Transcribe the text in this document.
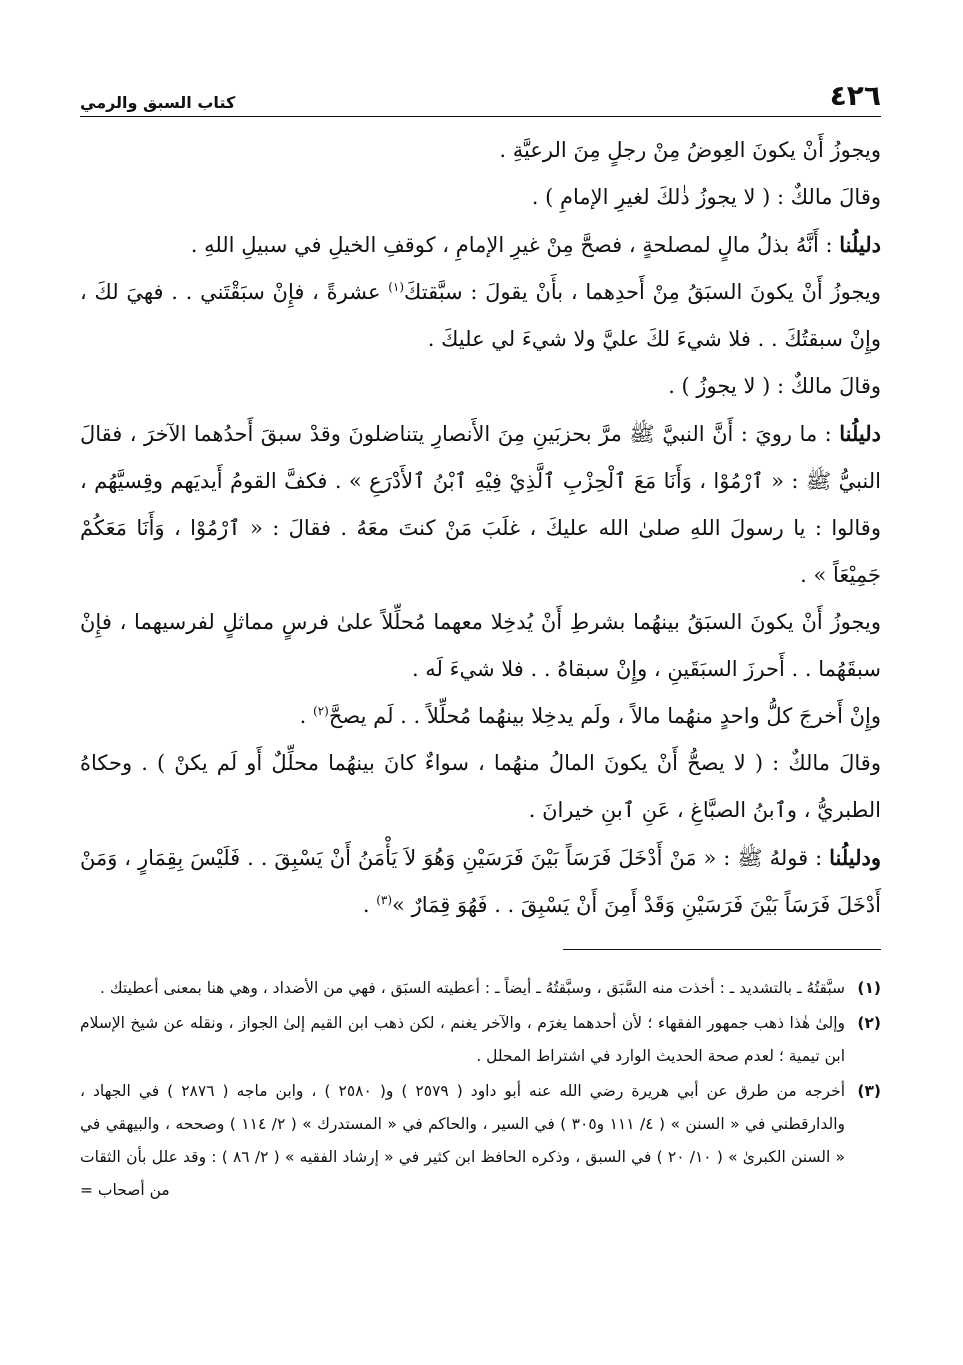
٤٢٦
كتاب السبق والرمي

ويجوزُ أَنْ يكونَ العِوضُ مِنْ رجلٍ مِنَ الرعيَّةِ .

وقالَ مالكٌ : ( لا يجوزُ ذٰلكَ لغيرِ الإمامِ ) .

دليلُنا : أَنَّهُ بذلُ مالٍ لمصلحةٍ ، فصحَّ مِنْ غيرِ الإمامِ ، كوقفِ الخيلِ في سبيلِ اللهِ .

ويجوزُ أَنْ يكونَ السبَقُ مِنْ أَحدِهما ، بأَنْ يقولَ : سبَّقتكَ$^{(١)}$ عشرةً ، فإِنْ سبَقْتَني . . فهيَ لكَ ، وإِنْ سبقتُكَ . . فلا شيءَ لكَ عليَّ ولا شيءَ لي عليكَ .

وقالَ مالكٌ : ( لا يجوزُ ) .

دليلُنا : ما رويَ : أَنَّ النبيَّ ﷺ مرَّ بحزبَينِ مِنَ الأَنصارِ يتناضلونَ وقدْ سبقَ أَحدُهما الآخرَ ، فقالَ النبيُّ ﷺ : « ٱرْمُوْا ، وَأَنَا مَعَ ٱلْحِزْبِ ٱلَّذِيْ فِيْهِ ٱبْنُ ٱلأَدْرَعِ » . فكفَّ القومُ أَيديَهم وقِسيَّهُم ، وقالوا : يا رسولَ اللهِ صلىٰ الله عليكَ ، غلَبَ مَنْ كنتَ معَهُ . فقالَ : « ٱرْمُوْا ، وَأَنَا مَعَكُمْ جَمِيْعَاً » .

ويجوزُ أَنْ يكونَ السبَقُ بينهُما بشرطِ أَنْ يُدخِلا معهما مُحلِّلاً علىٰ فرسٍ مماثلٍ لفرسيهما ، فإِنْ سبقَهُما . . أَحرزَ السبَقَينِ ، وإِنْ سبقاهُ . . فلا شيءَ لَه .

وإِنْ أَخرجَ كلُّ واحدٍ منهُما مالاً ، ولَم يدخِلا بينهُما مُحلِّلاً . . لَم يصحَّ$^{(٢)}$ .

وقالَ مالكٌ : ( لا يصحُّ أَنْ يكونَ المالُ منهُما ، سواءٌ كانَ بينهُما محلِّلٌ أَو لَم يكنْ ) . وحكاهُ الطبريُّ ، وٱبنُ الصبَّاغِ ، عَنِ ٱبنِ خيرانَ .

ودليلُنا : قولهُ ﷺ : « مَنْ أَدْخَلَ فَرَسَاً بَيْنَ فَرَسَيْنِ وَهُوَ لاَ يَأْمَنُ أَنْ يَسْبِقَ . . فَلَيْسَ بِقِمَارٍ ، وَمَنْ أَدْخَلَ فَرَسَاً بَيْنَ فَرَسَيْنِ وَقَدْ أَمِنَ أَنْ يَسْبِقَ . . فَهُوَ قِمَارٌ »$^{(٣)}$ .

(١)
سبَّقتُهُ ـ بالتشديد ـ : أخذت منه السَّبَق ، وسبَّقتُهُ ـ أيضاً ـ : أعطيته السبَق ، فهي من الأضداد ، وهي هنا بمعنى أعطيتك .
(٢)
وإلىٰ هٰذا ذهب جمهور الفقهاء ؛ لأن أحدهما يغرَم ، والآخر يغنم ، لكن ذهب ابن القيم إلىٰ الجواز ، ونقله عن شيخ الإسلام ابن تيمية ؛ لعدم صحة الحديث الوارد في اشتراط المحلل .
(٣)
أخرجه من طرق عن أبي هريرة رضي الله عنه أبو داود ( ٢٥٧٩ ) و( ٢٥٨٠ ) ، وابن ماجه ( ٢٨٧٦ ) في الجهاد ، والدارقطني في « السنن » ( ٤/ ١١١ و٣٠٥ ) في السير ، والحاكم في « المستدرك » ( ٢/ ١١٤ ) وصححه ، والبيهقي في « السنن الكبرىٰ » ( ١٠/ ٢٠ ) في السبق ، وذكره الحافظ ابن كثير في « إرشاد الفقيه » ( ٢/ ٨٦ ) : وقد علل بأن الثقات من أصحاب =
